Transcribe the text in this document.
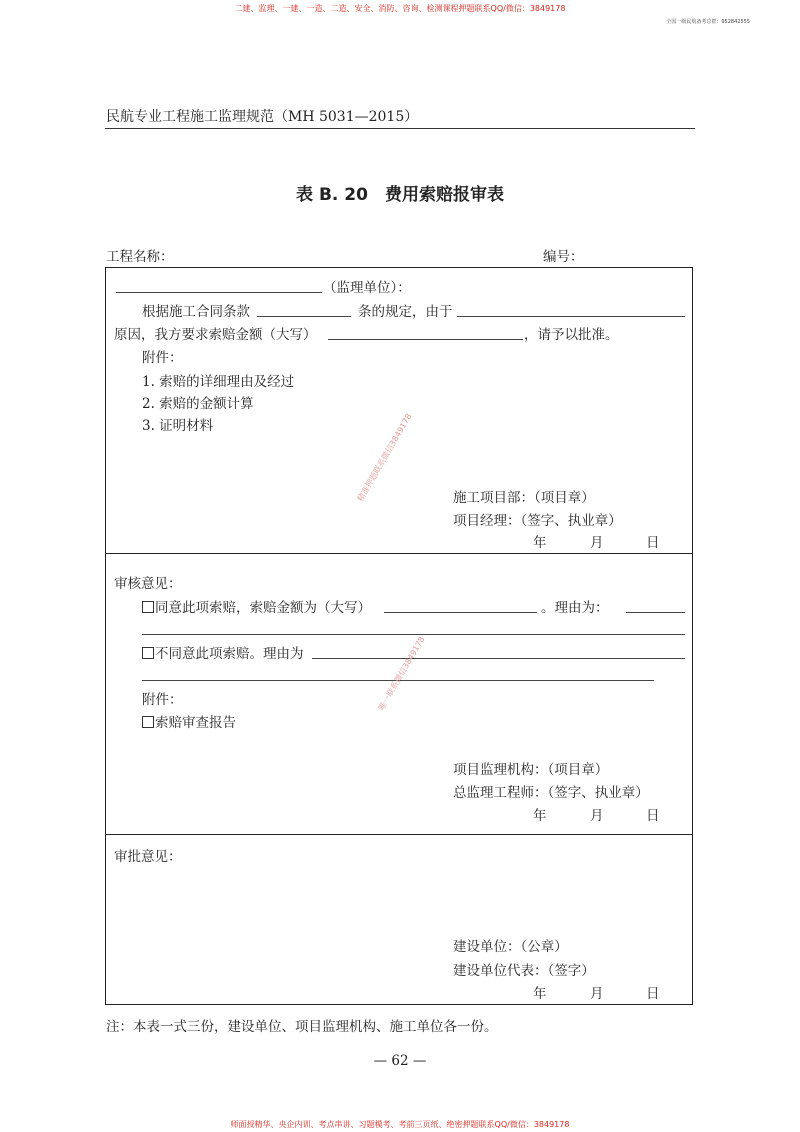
二建、监理、一建、一造、二造、安全、消防、咨询、检测课程押题联系QQ/微信：3849178
全国一级民航备考总群：952842555
民航专业工程施工监理规范（MH 5031—2015）
表 B. 20　费用索赔报审表
工程名称：	编号：
（监理单位）：
根据施工合同条款	条的规定，由于
原因，我方要求索赔金额（大写）	，请予以批准。
附件：
1. 索赔的详细理由及经过
2. 索赔的金额计算
3. 证明材料
施工项目部：（项目章）
项目经理：（签字、执业章）
年	月	日
审核意见：
同意此项索赔，索赔金额为（大写）	。理由为：
不同意此项索赔。理由为
附件：
索赔审查报告
项目监理机构：（项目章）
总监理工程师：（签字、执业章）
年	月	日
审批意见：
建设单位：（公章）
建设单位代表：（签字）
年	月	日
注：本表一式三份，建设单位、项目监理机构、施工单位各一份。
— 62 —
精准押题联系微信3849178
唯一联系微信3849178
师面授精华、央企内训、考点串讲、习题模考、考前三页纸、绝密押题联系QQ/微信：3849178
